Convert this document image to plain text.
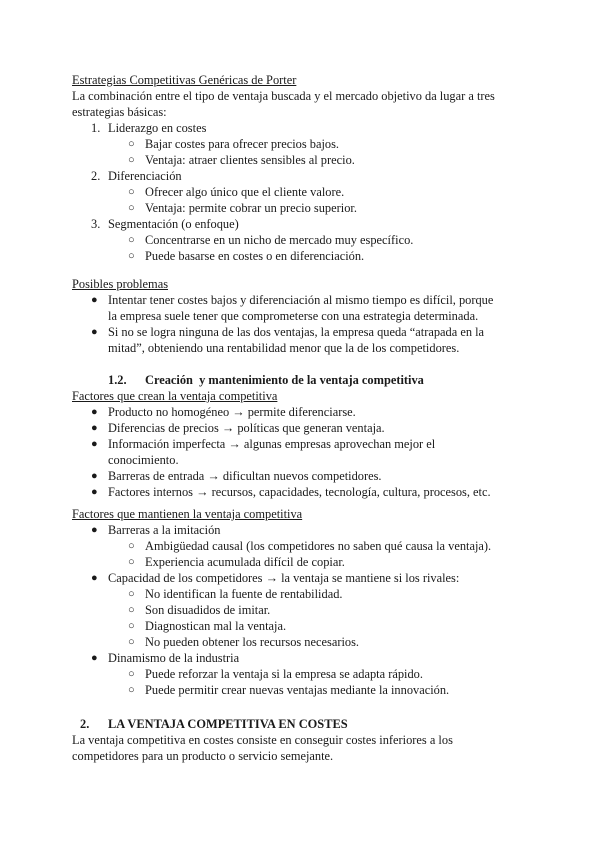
Estrategias Competitivas Genéricas de Porter
La combinación entre el tipo de ventaja buscada y el mercado objetivo da lugar a tres
estrategias básicas:
1. Liderazgo en costes
○ Bajar costes para ofrecer precios bajos.
○ Ventaja: atraer clientes sensibles al precio.
2. Diferenciación
○ Ofrecer algo único que el cliente valore.
○ Ventaja: permite cobrar un precio superior.
3. Segmentación (o enfoque)
○ Concentrarse en un nicho de mercado muy específico.
○ Puede basarse en costes o en diferenciación.
Posibles problemas
● Intentar tener costes bajos y diferenciación al mismo tiempo es difícil, porque
la empresa suele tener que comprometerse con una estrategia determinada.
● Si no se logra ninguna de las dos ventajas, la empresa queda “atrapada en la
mitad”, obteniendo una rentabilidad menor que la de los competidores.
1.2. Creación  y mantenimiento de la ventaja competitiva
Factores que crean la ventaja competitiva
● Producto no homogéneo → permite diferenciarse.
● Diferencias de precios → políticas que generan ventaja.
● Información imperfecta → algunas empresas aprovechan mejor el
conocimiento.
● Barreras de entrada → dificultan nuevos competidores.
● Factores internos → recursos, capacidades, tecnología, cultura, procesos, etc.
Factores que mantienen la ventaja competitiva
● Barreras a la imitación
○ Ambigüedad causal (los competidores no saben qué causa la ventaja).
○ Experiencia acumulada difícil de copiar.
● Capacidad de los competidores → la ventaja se mantiene si los rivales:
○ No identifican la fuente de rentabilidad.
○ Son disuadidos de imitar.
○ Diagnostican mal la ventaja.
○ No pueden obtener los recursos necesarios.
● Dinamismo de la industria
○ Puede reforzar la ventaja si la empresa se adapta rápido.
○ Puede permitir crear nuevas ventajas mediante la innovación.
2. LA VENTAJA COMPETITIVA EN COSTES
La ventaja competitiva en costes consiste en conseguir costes inferiores a los
competidores para un producto o servicio semejante.
